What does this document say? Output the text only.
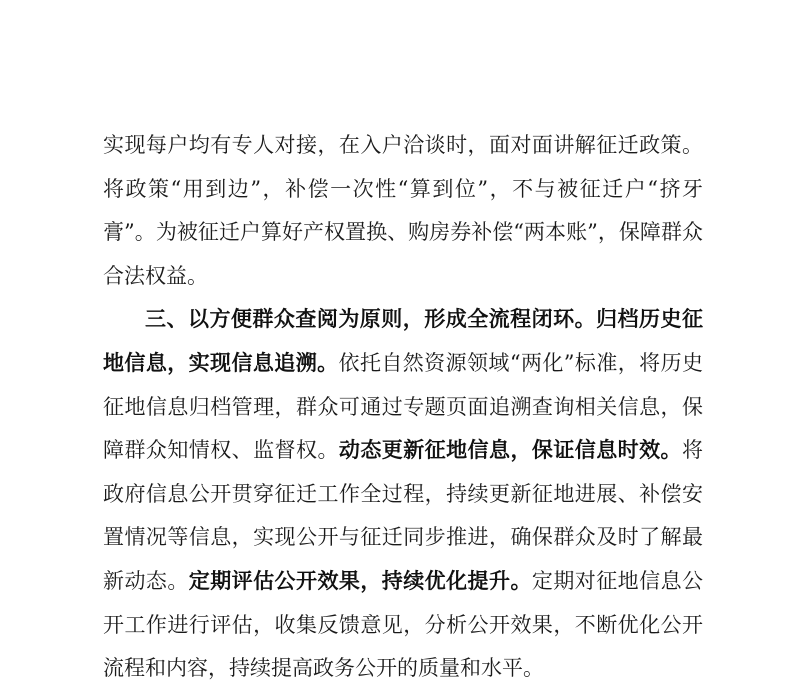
实现每户均有专人对接，在入户洽谈时，面对面讲解征迁政策。将政策“用到边”，补偿一次性“算到位”，不与被征迁户“挤牙膏”。为被征迁户算好产权置换、购房券补偿“两本账”，保障群众合法权益。

三、以方便群众查阅为原则，形成全流程闭环。归档历史征地信息，实现信息追溯。依托自然资源领域“两化”标准，将历史征地信息归档管理，群众可通过专题页面追溯查询相关信息，保障群众知情权、监督权。动态更新征地信息，保证信息时效。将政府信息公开贯穿征迁工作全过程，持续更新征地进展、补偿安置情况等信息，实现公开与征迁同步推进，确保群众及时了解最新动态。定期评估公开效果，持续优化提升。定期对征地信息公开工作进行评估，收集反馈意见，分析公开效果，不断优化公开流程和内容，持续提高政务公开的质量和水平。
